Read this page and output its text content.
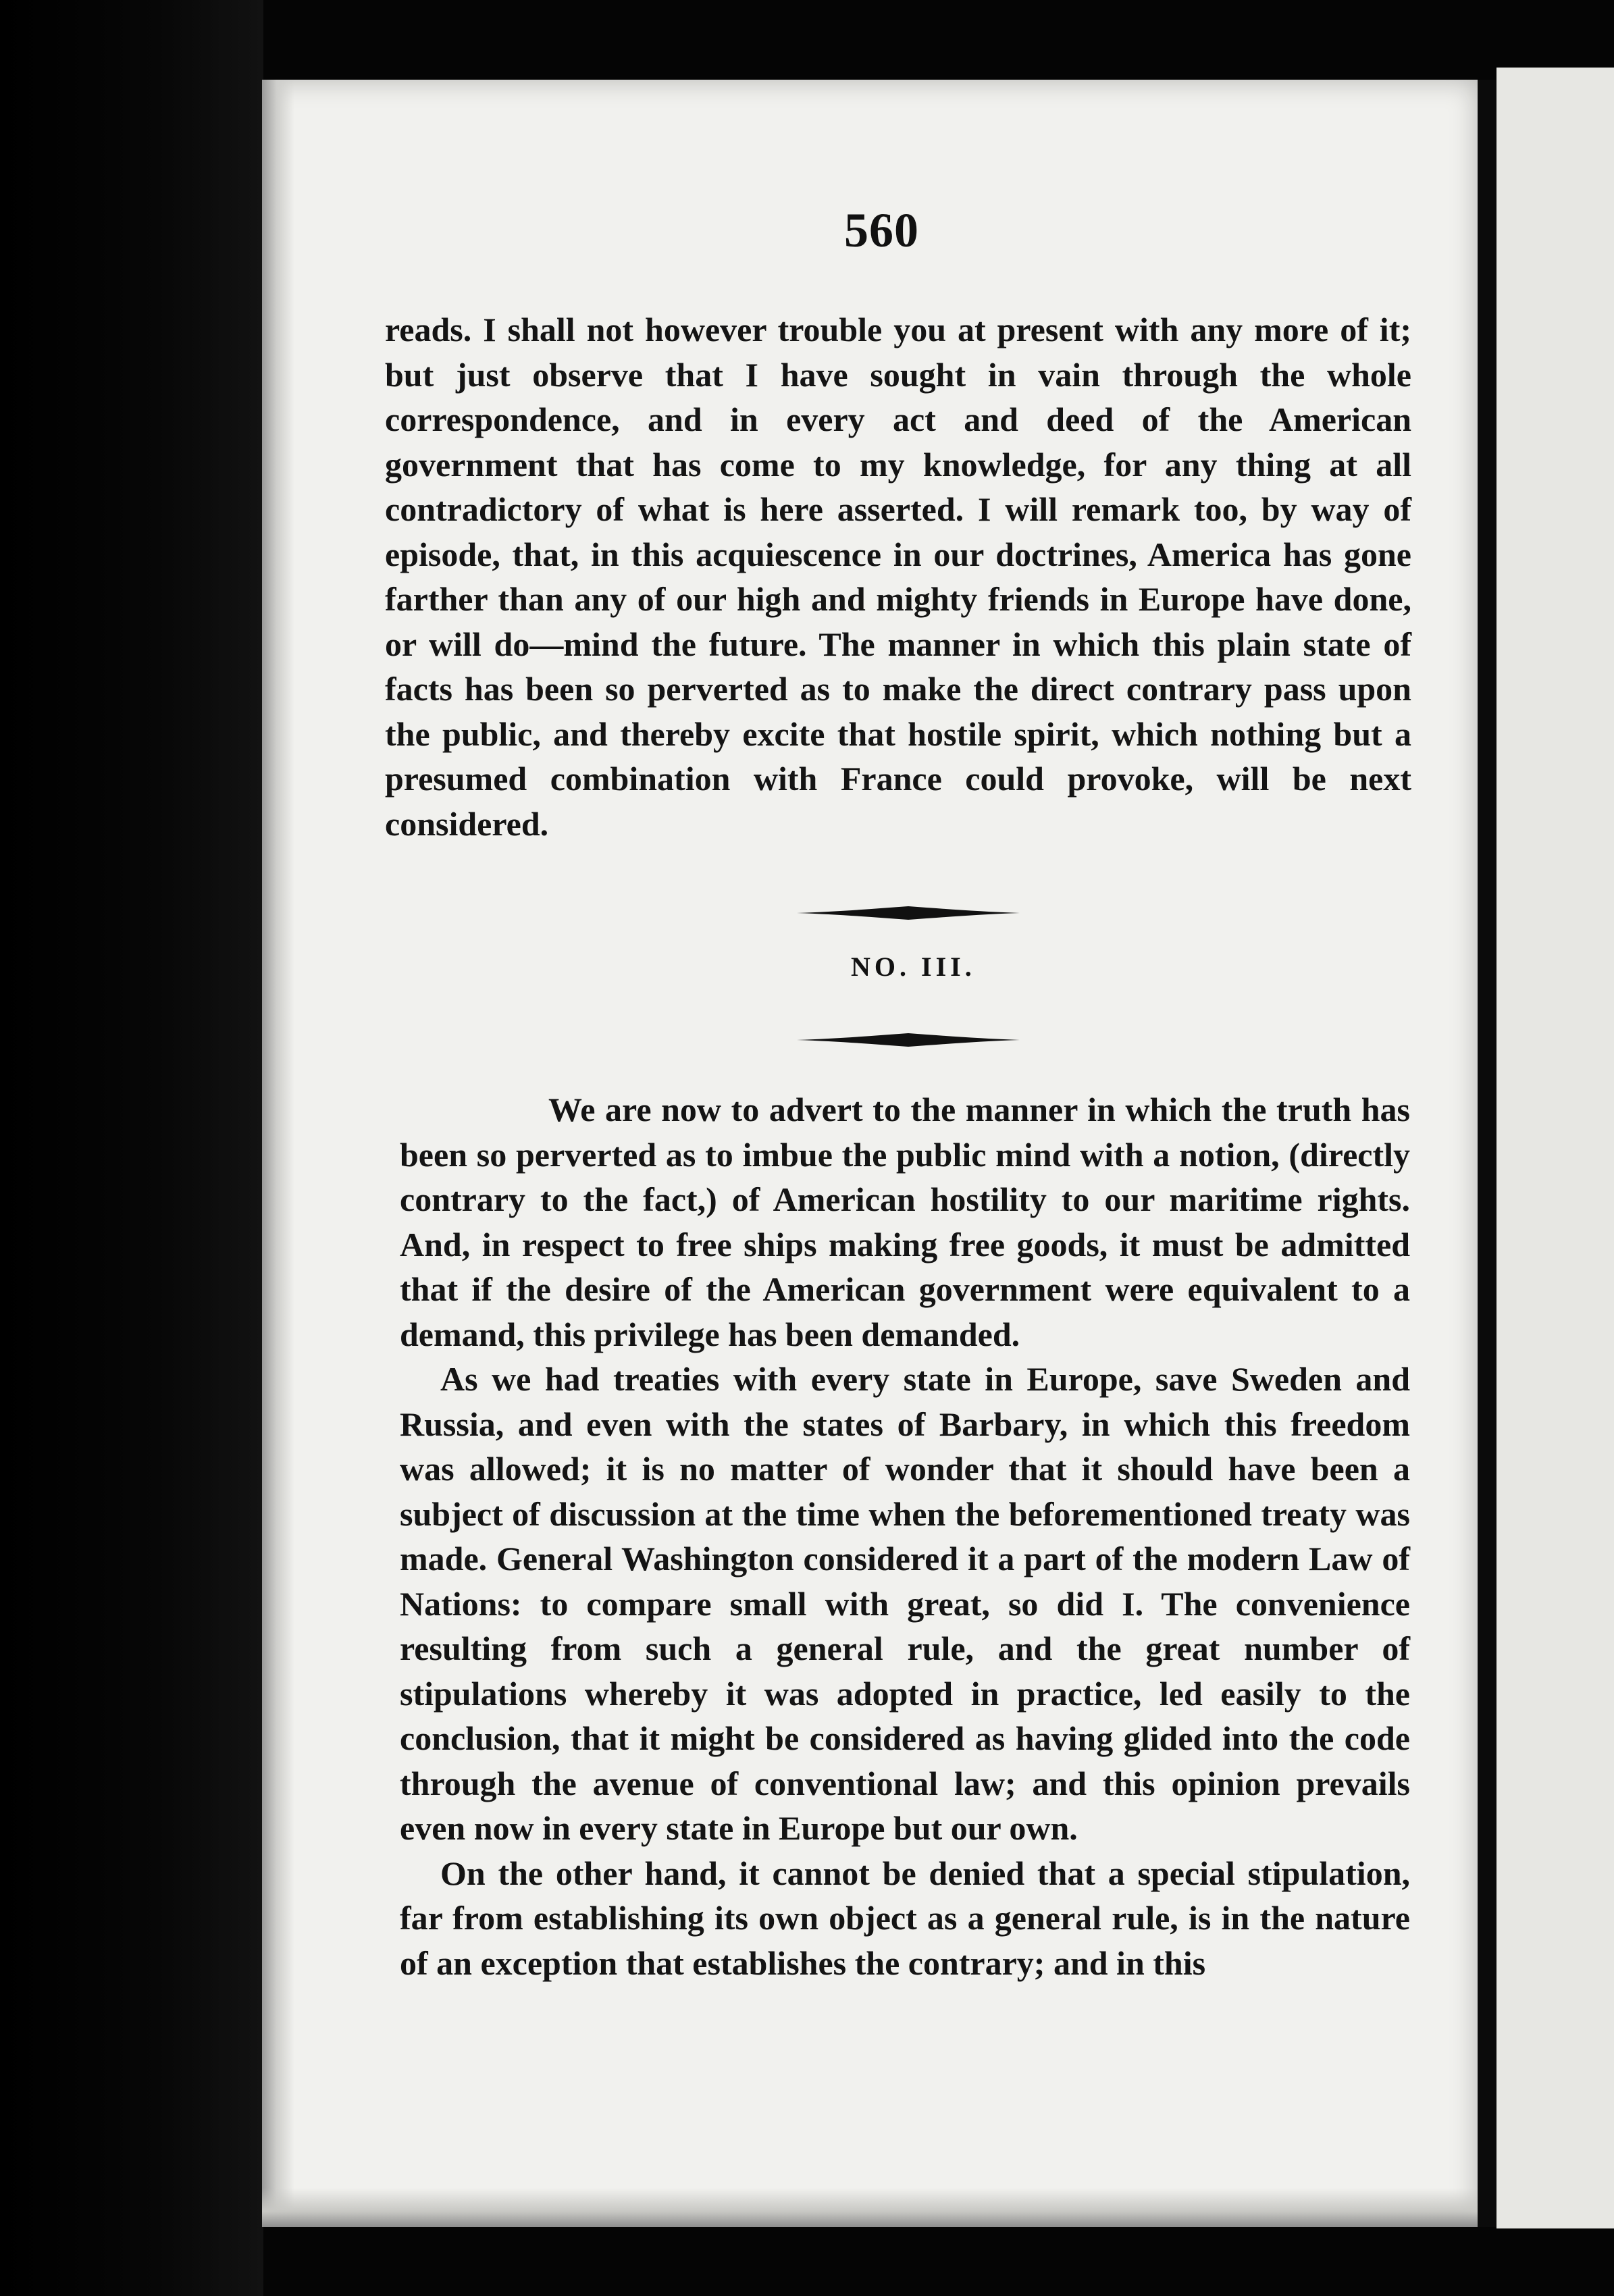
560

reads. I shall not however trouble you at present with any more of it; but just observe that I have sought in vain through the whole correspondence, and in every act and deed of the American government that has come to my knowledge, for any thing at all contradictory of what is here asserted. I will remark too, by way of episode, that, in this acquiescence in our doctrines, America has gone farther than any of our high and mighty friends in Europe have done, or will do—mind the future. The manner in which this plain state of facts has been so perverted as to make the direct contrary pass upon the public, and thereby excite that hostile spirit, which nothing but a presumed combination with France could provoke, will be next considered.

NO. III.

We are now to advert to the manner in which the truth has been so perverted as to imbue the public mind with a notion, (directly contrary to the fact,) of American hostility to our maritime rights. And, in respect to free ships making free goods, it must be admitted that if the desire of the American government were equivalent to a demand, this privilege has been demanded.

As we had treaties with every state in Europe, save Sweden and Russia, and even with the states of Barbary, in which this freedom was allowed; it is no matter of wonder that it should have been a subject of discussion at the time when the beforementioned treaty was made. General Washington considered it a part of the modern Law of Nations: to compare small with great, so did I. The convenience resulting from such a general rule, and the great number of stipulations whereby it was adopted in practice, led easily to the conclusion, that it might be considered as having glided into the code through the avenue of conventional law; and this opinion prevails even now in every state in Europe but our own.

On the other hand, it cannot be denied that a special stipulation, far from establishing its own object as a general rule, is in the nature of an exception that establishes the contrary; and in this
